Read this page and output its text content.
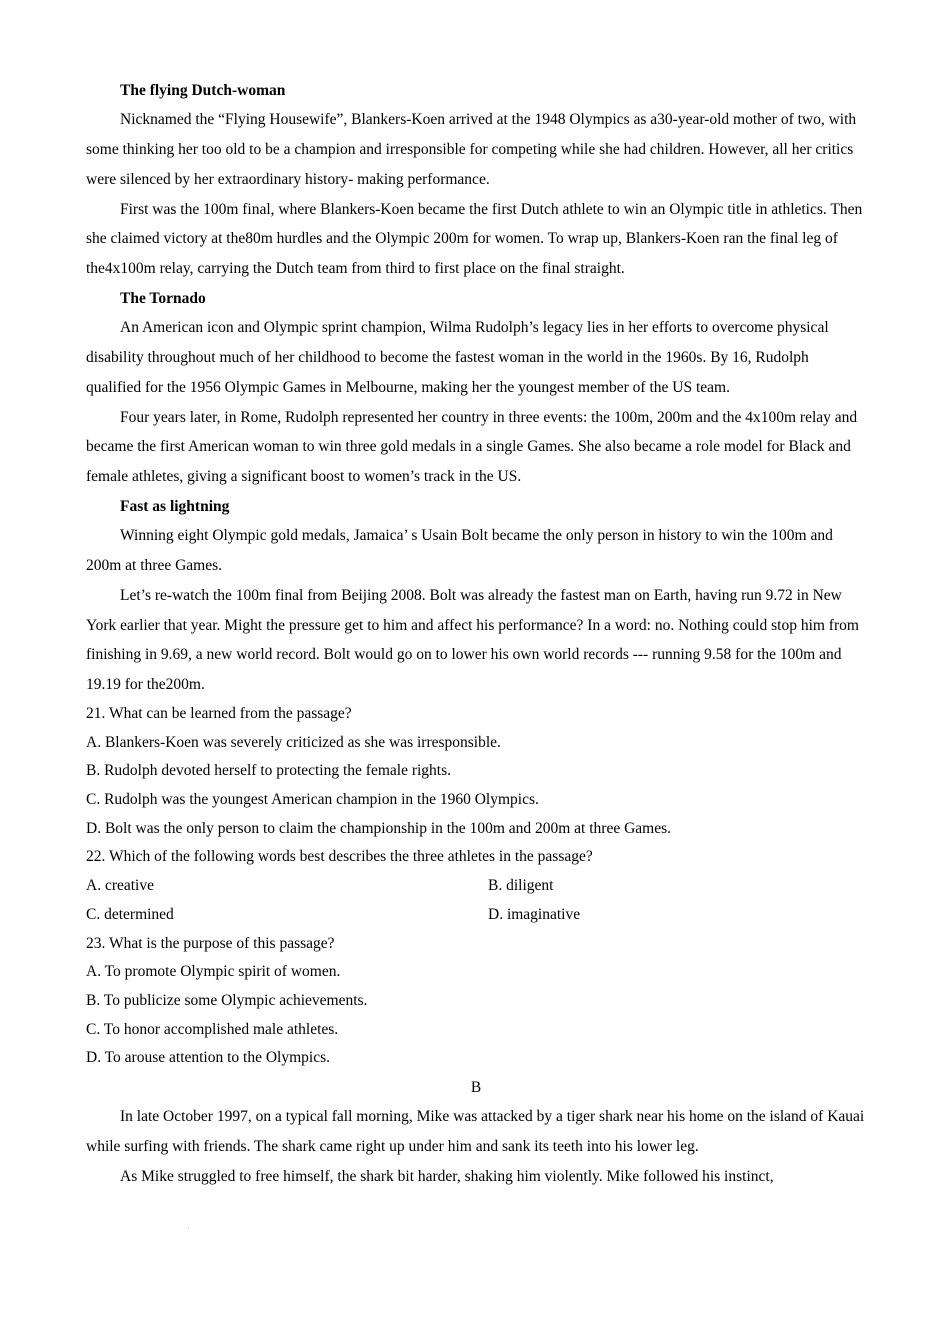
The flying Dutch-woman

Nicknamed the “Flying Housewife”, Blankers-Koen arrived at the 1948 Olympics as a30-year-old mother of two, with some thinking her too old to be a champion and irresponsible for competing while she had children. However, all her critics were silenced by her extraordinary history- making performance.

First was the 100m final, where Blankers-Koen became the first Dutch athlete to win an Olympic title in athletics. Then she claimed victory at the80m hurdles and the Olympic 200m for women. To wrap up, Blankers-Koen ran the final leg of the4x100m relay, carrying the Dutch team from third to first place on the final straight.

The Tornado

An American icon and Olympic sprint champion, Wilma Rudolph’s legacy lies in her efforts to overcome physical disability throughout much of her childhood to become the fastest woman in the world in the 1960s. By 16, Rudolph qualified for the 1956 Olympic Games in Melbourne, making her the youngest member of the US team.

Four years later, in Rome, Rudolph represented her country in three events: the 100m, 200m and the 4x100m relay and became the first American woman to win three gold medals in a single Games. She also became a role model for Black and female athletes, giving a significant boost to women’s track in the US.

Fast as lightning

Winning eight Olympic gold medals, Jamaica’ s Usain Bolt became the only person in history to win the 100m and 200m at three Games.

Let’s re-watch the 100m final from Beijing 2008. Bolt was already the fastest man on Earth, having run 9.72 in New York earlier that year. Might the pressure get to him and affect his performance? In a word: no. Nothing could stop him from finishing in 9.69, a new world record. Bolt would go on to lower his own world records --- running 9.58 for the 100m and 19.19 for the200m.

21. What can be learned from the passage?

A. Blankers-Koen was severely criticized as she was irresponsible.

B. Rudolph devoted herself to protecting the female rights.

C. Rudolph was the youngest American champion in the 1960 Olympics.

D. Bolt was the only person to claim the championship in the 100m and 200m at three Games.

22. Which of the following words best describes the three athletes in the passage?

A. creative	B. diligent
C. determined	D. imaginative

23. What is the purpose of this passage?

A. To promote Olympic spirit of women.

B. To publicize some Olympic achievements.

C. To honor accomplished male athletes.

D. To arouse attention to the Olympics.

B

In late October 1997, on a typical fall morning, Mike was attacked by a tiger shark near his home on the island of Kauai while surfing with friends. The shark came right up under him and sank its teeth into his lower leg.

As Mike struggled to free himself, the shark bit harder, shaking him violently. Mike followed his instinct,

·
